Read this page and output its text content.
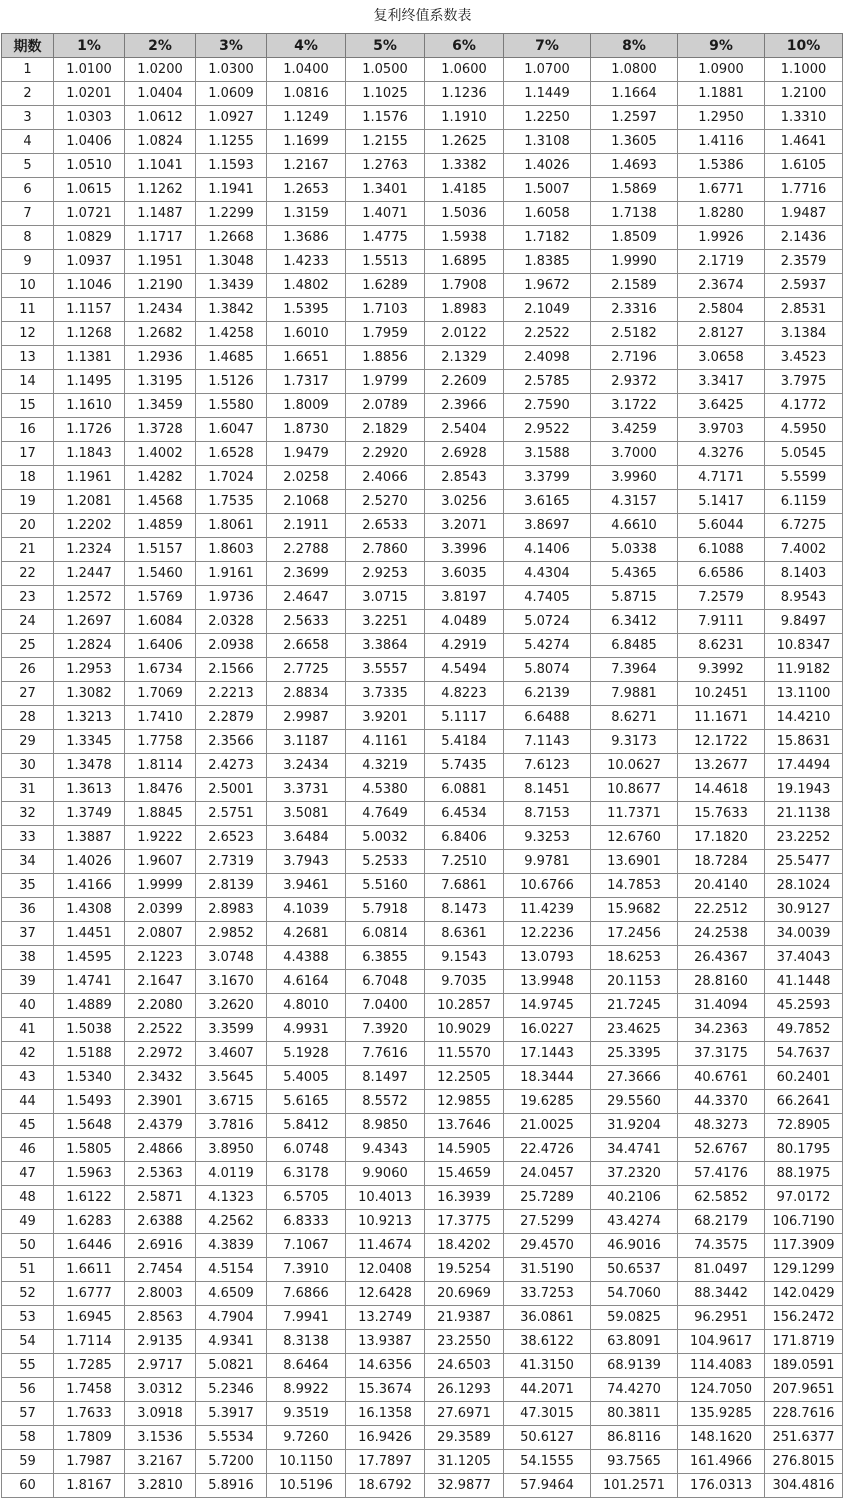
复利终值系数表
期数	1%	2%	3%	4%	5%	6%	7%	8%	9%	10%
1	1.0100	1.0200	1.0300	1.0400	1.0500	1.0600	1.0700	1.0800	1.0900	1.1000
2	1.0201	1.0404	1.0609	1.0816	1.1025	1.1236	1.1449	1.1664	1.1881	1.2100
3	1.0303	1.0612	1.0927	1.1249	1.1576	1.1910	1.2250	1.2597	1.2950	1.3310
4	1.0406	1.0824	1.1255	1.1699	1.2155	1.2625	1.3108	1.3605	1.4116	1.4641
5	1.0510	1.1041	1.1593	1.2167	1.2763	1.3382	1.4026	1.4693	1.5386	1.6105
6	1.0615	1.1262	1.1941	1.2653	1.3401	1.4185	1.5007	1.5869	1.6771	1.7716
7	1.0721	1.1487	1.2299	1.3159	1.4071	1.5036	1.6058	1.7138	1.8280	1.9487
8	1.0829	1.1717	1.2668	1.3686	1.4775	1.5938	1.7182	1.8509	1.9926	2.1436
9	1.0937	1.1951	1.3048	1.4233	1.5513	1.6895	1.8385	1.9990	2.1719	2.3579
10	1.1046	1.2190	1.3439	1.4802	1.6289	1.7908	1.9672	2.1589	2.3674	2.5937
11	1.1157	1.2434	1.3842	1.5395	1.7103	1.8983	2.1049	2.3316	2.5804	2.8531
12	1.1268	1.2682	1.4258	1.6010	1.7959	2.0122	2.2522	2.5182	2.8127	3.1384
13	1.1381	1.2936	1.4685	1.6651	1.8856	2.1329	2.4098	2.7196	3.0658	3.4523
14	1.1495	1.3195	1.5126	1.7317	1.9799	2.2609	2.5785	2.9372	3.3417	3.7975
15	1.1610	1.3459	1.5580	1.8009	2.0789	2.3966	2.7590	3.1722	3.6425	4.1772
16	1.1726	1.3728	1.6047	1.8730	2.1829	2.5404	2.9522	3.4259	3.9703	4.5950
17	1.1843	1.4002	1.6528	1.9479	2.2920	2.6928	3.1588	3.7000	4.3276	5.0545
18	1.1961	1.4282	1.7024	2.0258	2.4066	2.8543	3.3799	3.9960	4.7171	5.5599
19	1.2081	1.4568	1.7535	2.1068	2.5270	3.0256	3.6165	4.3157	5.1417	6.1159
20	1.2202	1.4859	1.8061	2.1911	2.6533	3.2071	3.8697	4.6610	5.6044	6.7275
21	1.2324	1.5157	1.8603	2.2788	2.7860	3.3996	4.1406	5.0338	6.1088	7.4002
22	1.2447	1.5460	1.9161	2.3699	2.9253	3.6035	4.4304	5.4365	6.6586	8.1403
23	1.2572	1.5769	1.9736	2.4647	3.0715	3.8197	4.7405	5.8715	7.2579	8.9543
24	1.2697	1.6084	2.0328	2.5633	3.2251	4.0489	5.0724	6.3412	7.9111	9.8497
25	1.2824	1.6406	2.0938	2.6658	3.3864	4.2919	5.4274	6.8485	8.6231	10.8347
26	1.2953	1.6734	2.1566	2.7725	3.5557	4.5494	5.8074	7.3964	9.3992	11.9182
27	1.3082	1.7069	2.2213	2.8834	3.7335	4.8223	6.2139	7.9881	10.2451	13.1100
28	1.3213	1.7410	2.2879	2.9987	3.9201	5.1117	6.6488	8.6271	11.1671	14.4210
29	1.3345	1.7758	2.3566	3.1187	4.1161	5.4184	7.1143	9.3173	12.1722	15.8631
30	1.3478	1.8114	2.4273	3.2434	4.3219	5.7435	7.6123	10.0627	13.2677	17.4494
31	1.3613	1.8476	2.5001	3.3731	4.5380	6.0881	8.1451	10.8677	14.4618	19.1943
32	1.3749	1.8845	2.5751	3.5081	4.7649	6.4534	8.7153	11.7371	15.7633	21.1138
33	1.3887	1.9222	2.6523	3.6484	5.0032	6.8406	9.3253	12.6760	17.1820	23.2252
34	1.4026	1.9607	2.7319	3.7943	5.2533	7.2510	9.9781	13.6901	18.7284	25.5477
35	1.4166	1.9999	2.8139	3.9461	5.5160	7.6861	10.6766	14.7853	20.4140	28.1024
36	1.4308	2.0399	2.8983	4.1039	5.7918	8.1473	11.4239	15.9682	22.2512	30.9127
37	1.4451	2.0807	2.9852	4.2681	6.0814	8.6361	12.2236	17.2456	24.2538	34.0039
38	1.4595	2.1223	3.0748	4.4388	6.3855	9.1543	13.0793	18.6253	26.4367	37.4043
39	1.4741	2.1647	3.1670	4.6164	6.7048	9.7035	13.9948	20.1153	28.8160	41.1448
40	1.4889	2.2080	3.2620	4.8010	7.0400	10.2857	14.9745	21.7245	31.4094	45.2593
41	1.5038	2.2522	3.3599	4.9931	7.3920	10.9029	16.0227	23.4625	34.2363	49.7852
42	1.5188	2.2972	3.4607	5.1928	7.7616	11.5570	17.1443	25.3395	37.3175	54.7637
43	1.5340	2.3432	3.5645	5.4005	8.1497	12.2505	18.3444	27.3666	40.6761	60.2401
44	1.5493	2.3901	3.6715	5.6165	8.5572	12.9855	19.6285	29.5560	44.3370	66.2641
45	1.5648	2.4379	3.7816	5.8412	8.9850	13.7646	21.0025	31.9204	48.3273	72.8905
46	1.5805	2.4866	3.8950	6.0748	9.4343	14.5905	22.4726	34.4741	52.6767	80.1795
47	1.5963	2.5363	4.0119	6.3178	9.9060	15.4659	24.0457	37.2320	57.4176	88.1975
48	1.6122	2.5871	4.1323	6.5705	10.4013	16.3939	25.7289	40.2106	62.5852	97.0172
49	1.6283	2.6388	4.2562	6.8333	10.9213	17.3775	27.5299	43.4274	68.2179	106.7190
50	1.6446	2.6916	4.3839	7.1067	11.4674	18.4202	29.4570	46.9016	74.3575	117.3909
51	1.6611	2.7454	4.5154	7.3910	12.0408	19.5254	31.5190	50.6537	81.0497	129.1299
52	1.6777	2.8003	4.6509	7.6866	12.6428	20.6969	33.7253	54.7060	88.3442	142.0429
53	1.6945	2.8563	4.7904	7.9941	13.2749	21.9387	36.0861	59.0825	96.2951	156.2472
54	1.7114	2.9135	4.9341	8.3138	13.9387	23.2550	38.6122	63.8091	104.9617	171.8719
55	1.7285	2.9717	5.0821	8.6464	14.6356	24.6503	41.3150	68.9139	114.4083	189.0591
56	1.7458	3.0312	5.2346	8.9922	15.3674	26.1293	44.2071	74.4270	124.7050	207.9651
57	1.7633	3.0918	5.3917	9.3519	16.1358	27.6971	47.3015	80.3811	135.9285	228.7616
58	1.7809	3.1536	5.5534	9.7260	16.9426	29.3589	50.6127	86.8116	148.1620	251.6377
59	1.7987	3.2167	5.7200	10.1150	17.7897	31.1205	54.1555	93.7565	161.4966	276.8015
60	1.8167	3.2810	5.8916	10.5196	18.6792	32.9877	57.9464	101.2571	176.0313	304.4816
